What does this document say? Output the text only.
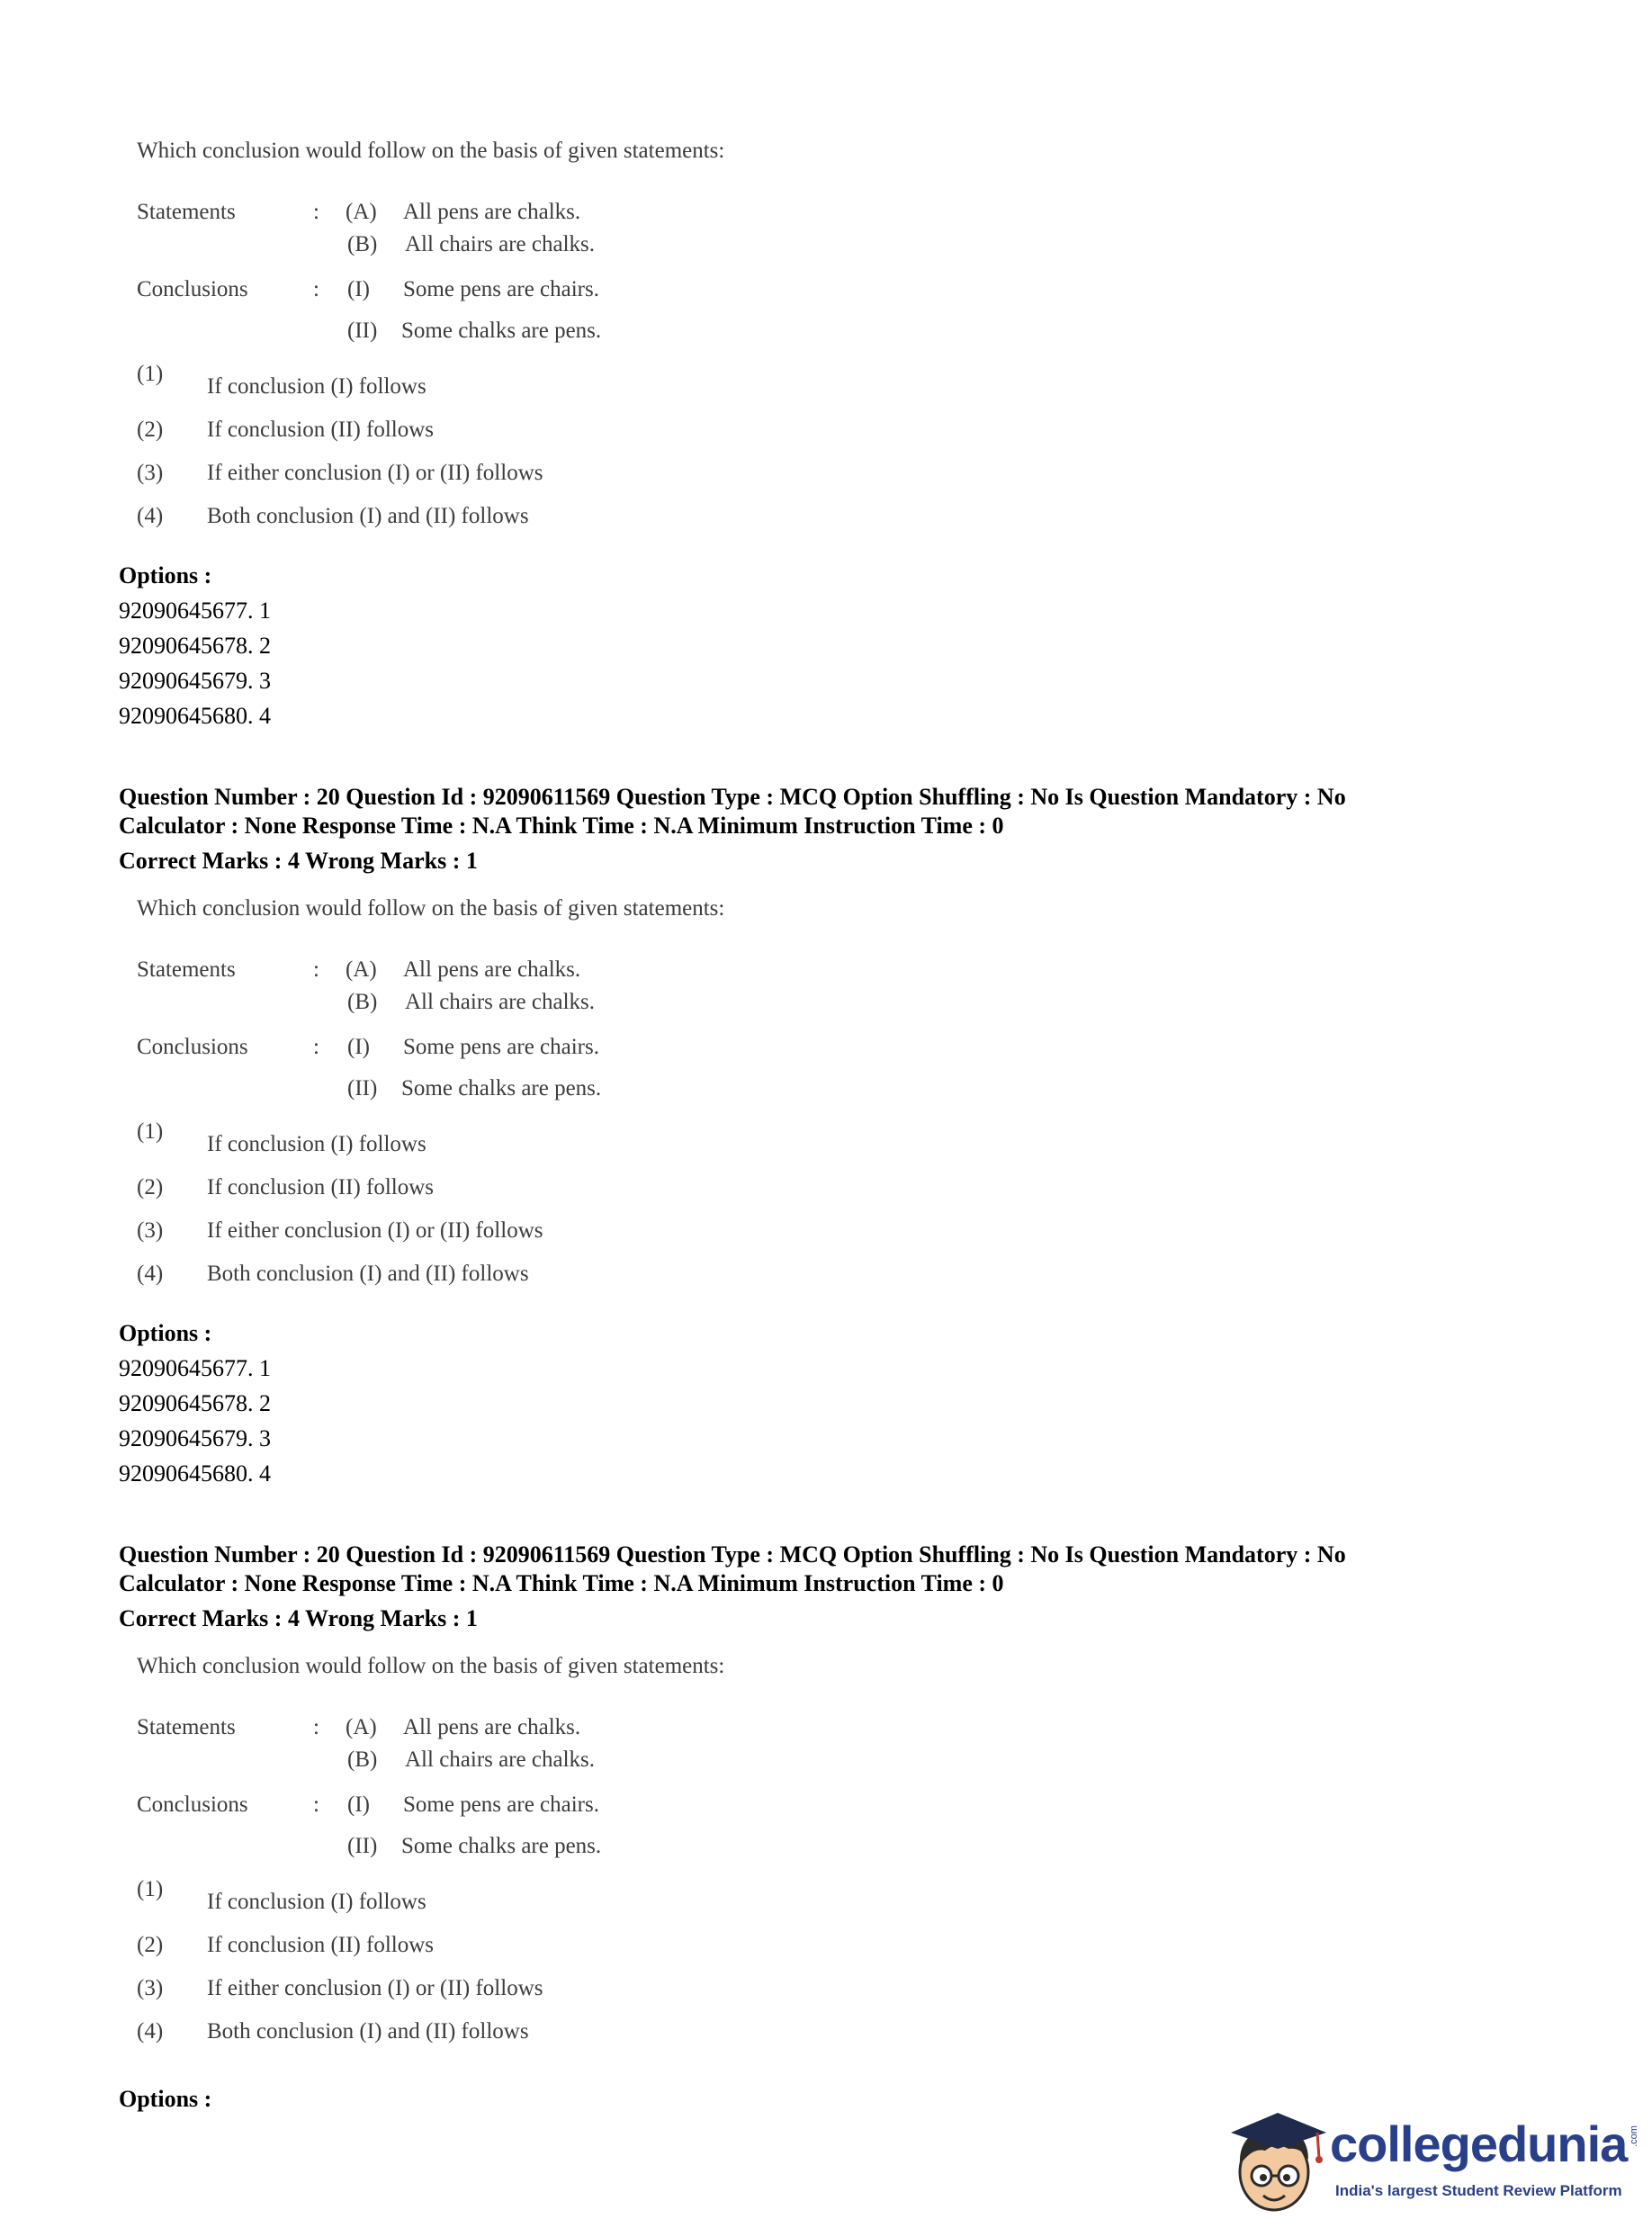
Which conclusion would follow on the basis of given statements:
Statements	: (A) All pens are chalks.
(B) All chairs are chalks.
Conclusions	: (I) Some pens are chairs.
(II) Some chalks are pens.
(1)
If conclusion (I) follows
(2) If conclusion (II) follows
(3) If either conclusion (I) or (II) follows
(4) Both conclusion (I) and (II) follows
Options :
92090645677. 1
92090645678. 2
92090645679. 3
92090645680. 4
Question Number : 20 Question Id : 92090611569 Question Type : MCQ Option Shuffling : No Is Question Mandatory : No
Calculator : None Response Time : N.A Think Time : N.A Minimum Instruction Time : 0
Correct Marks : 4 Wrong Marks : 1
Which conclusion would follow on the basis of given statements:
Statements	: (A) All pens are chalks.
(B) All chairs are chalks.
Conclusions	: (I) Some pens are chairs.
(II) Some chalks are pens.
(1)
If conclusion (I) follows
(2) If conclusion (II) follows
(3) If either conclusion (I) or (II) follows
(4) Both conclusion (I) and (II) follows
Options :
92090645677. 1
92090645678. 2
92090645679. 3
92090645680. 4
Question Number : 20 Question Id : 92090611569 Question Type : MCQ Option Shuffling : No Is Question Mandatory : No
Calculator : None Response Time : N.A Think Time : N.A Minimum Instruction Time : 0
Correct Marks : 4 Wrong Marks : 1
Which conclusion would follow on the basis of given statements:
Statements	: (A) All pens are chalks.
(B) All chairs are chalks.
Conclusions	: (I) Some pens are chairs.
(II) Some chalks are pens.
(1)
If conclusion (I) follows
(2) If conclusion (II) follows
(3) If either conclusion (I) or (II) follows
(4) Both conclusion (I) and (II) follows
Options :
collegedunia .com
India's largest Student Review Platform
